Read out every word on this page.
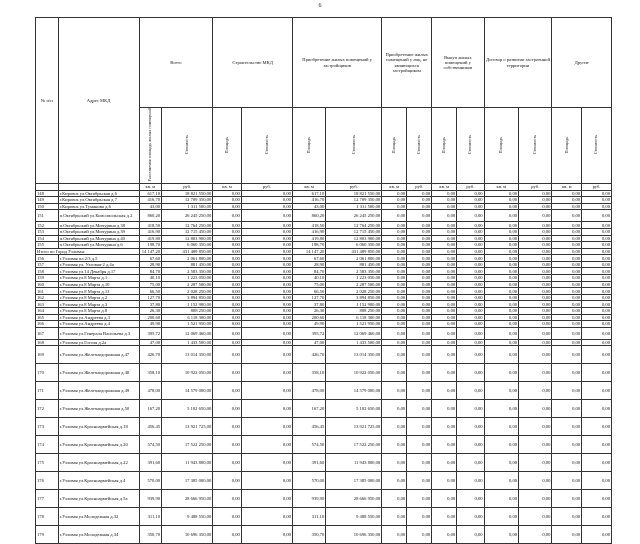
6
№ п/п	Адрес МКД	Всего		Строительство МКД		Приобретение жилых помещений у застройщиков		Приобретение жилых помещений у лиц, не являющихся застройщиком		Выкуп жилых помещений у собственников		Договор о развитии застроенной территории		Другие	
		Расселяемая площадь жилых помещений	Стоимость	Площадь	Стоимость	Площадь	Стоимость	Площадь	Стоимость	Площадь	Стоимость	Площадь	Стоимость	Площадь	Стоимость
		кв. м	руб.	кв. м	руб.	кв. м	руб.	кв. м	руб.	кв. м	руб.	кв. м	руб.	кв. м	руб.
148	г.Кировск ул.Октябрьская д.6	617,10	18 821 550,00	0,00	0,00	617,10	18 821 550,00	0,00	0,00	0,00	0,00	0,00	0,00	0,00	0,00
149	г.Кировск ул.Октябрьская д.7	416,70	12 709 350,00	0,00	0,00	416,70	12 709 350,00	0,00	0,00	0,00	0,00	0,00	0,00	0,00	0,00
150	г.Кировск ул.Туманова д.6	43,00	1 311 500,00	0,00	0,00	43,00	1 311 500,00	0,00	0,00	0,00	0,00	0,00	0,00	0,00	0,00
151	п.Октябрьский ул.Комсомольская д.2	860,20	26 245 250,00	0,00	0,00	860,20	26 245 250,00	0,00	0,00	0,00	0,00	0,00	0,00	0,00	0,00
152	п.Октябрьский ул.Мичурина д.38	418,50	12 764 250,00	0,00	0,00	418,50	12 764 250,00	0,00	0,00	0,00	0,00	0,00	0,00	0,00	0,00
153	п.Октябрьский ул.Мичурина д.39	416,90	12 715 450,00	0,00	0,00	416,90	12 715 450,00	0,00	0,00	0,00	0,00	0,00	0,00	0,00	0,00
154	п.Октябрьский ул.Мичурина д.40	419,80	12 803 900,00	0,00	0,00	419,80	12 803 900,00	0,00	0,00	0,00	0,00	0,00	0,00	0,00	0,00
155	п.Октябрьский ул.Мичурина д.6	198,70	6 060 350,00	0,00	0,00	198,70	6 060 350,00	0,00	0,00	0,00	0,00	0,00	0,00	0,00	0,00
Итого по Город Узловая:		14 147,20	431 489 850,00	0,00	0,00	14 147,20	431 489 850,00	0,00	0,00	0,00	0,00	0,00	0,00	0,00	0,00
156	г.Узловая пл.2/3 д.5	67,60	2 061 800,00	0,00	0,00	67,60	2 061 800,00	0,00	0,00	0,00	0,00	0,00	0,00	0,00	0,00
157	г.Узловая ул. Узловая-2 д.4а	28,90	881 450,00	0,00	0,00	28,90	881 450,00	0,00	0,00	0,00	0,00	0,00	0,00	0,00	0,00
158	г.Узловая ул.14 Декабря д.17	84,70	2 583 350,00	0,00	0,00	84,70	2 583 350,00	0,00	0,00	0,00	0,00	0,00	0,00	0,00	0,00
159	г.Узловая ул.8 Марта д.1	40,10	1 223 050,00	0,00	0,00	40,10	1 223 050,00	0,00	0,00	0,00	0,00	0,00	0,00	0,00	0,00
160	г.Узловая ул.8 Марта д.10	75,00	2 287 500,00	0,00	0,00	75,00	2 287 500,00	0,00	0,00	0,00	0,00	0,00	0,00	0,00	0,00
161	г.Узловая ул.8 Марта д.13	66,50	2 028 250,00	0,00	0,00	66,50	2 028 250,00	0,00	0,00	0,00	0,00	0,00	0,00	0,00	0,00
162	г.Узловая ул.8 Марта д.2	127,70	3 894 850,00	0,00	0,00	127,70	3 894 850,00	0,00	0,00	0,00	0,00	0,00	0,00	0,00	0,00
163	г.Узловая ул.8 Марта д.3	37,80	1 152 900,00	0,00	0,00	37,80	1 152 900,00	0,00	0,00	0,00	0,00	0,00	0,00	0,00	0,00
164	г.Узловая ул.8 Марта д.8	26,30	808 250,00	0,00	0,00	26,30	808 250,00	0,00	0,00	0,00	0,00	0,00	0,00	0,00	0,00
165	г.Узловая ул.Андреева д.3	200,60	6 118 300,00	0,00	0,00	200,60	6 118 300,00	0,00	0,00	0,00	0,00	0,00	0,00	0,00	0,00
166	г.Узловая ул.Андреева д.4	49,90	1 521 950,00	0,00	0,00	49,90	1 521 950,00	0,00	0,00	0,00	0,00	0,00	0,00	0,00	0,00
167	г.Узловая ул.Генерала Васильева д.3	395,72	12 069 460,00	0,00	0,00	395,72	12 069 460,00	0,00	0,00	0,00	0,00	0,00	0,00	0,00	0,00
168	г.Узловая ул.Гоголя д.2а	47,00	1 433 500,00	0,00	0,00	47,00	1 433 500,00	0,00	0,00	0,00	0,00	0,00	0,00	0,00	0,00
169	г.Узловая ул.Железнодорожная д.47	426,70	13 014 350,00	0,00	0,00	426,70	13 014 350,00	0,00	0,00	0,00	0,00	0,00	0,00	0,00	0,00
170	г.Узловая ул.Железнодорожная д.48	358,10	10 922 050,00	0,00	0,00	358,10	10 922 050,00	0,00	0,00	0,00	0,00	0,00	0,00	0,00	0,00
171	г.Узловая ул.Железнодорожная д.49	478,00	14 579 000,00	0,00	0,00	478,00	14 579 000,00	0,00	0,00	0,00	0,00	0,00	0,00	0,00	0,00
172	г.Узловая ул.Железнодорожная д.50	167,20	5 102 650,00	0,00	0,00	167,20	5 102 650,00	0,00	0,00	0,00	0,00	0,00	0,00	0,00	0,00
173	г.Узловая ул.Красноармейская д.18	456,45	13 921 725,00	0,00	0,00	456,45	13 921 725,00	0,00	0,00	0,00	0,00	0,00	0,00	0,00	0,00
174	г.Узловая ул.Красноармейская д.20	574,50	17 522 250,00	0,00	0,00	574,50	17 522 250,00	0,00	0,00	0,00	0,00	0,00	0,00	0,00	0,00
175	г.Узловая ул.Красноармейская д.22	391,60	11 943 800,00	0,00	0,00	391,60	11 943 800,00	0,00	0,00	0,00	0,00	0,00	0,00	0,00	0,00
176	г.Узловая ул.Красноармейская д.4	570,00	17 385 000,00	0,00	0,00	570,00	17 385 000,00	0,00	0,00	0,00	0,00	0,00	0,00	0,00	0,00
177	г.Узловая ул.Красноармейская д.5а	939,90	28 666 950,00	0,00	0,00	939,90	28 666 950,00	0,00	0,00	0,00	0,00	0,00	0,00	0,00	0,00
178	г.Узловая ул.Молодежная д.32	311,10	9 488 550,00	0,00	0,00	311,10	9 488 550,00	0,00	0,00	0,00	0,00	0,00	0,00	0,00	0,00
179	г.Узловая ул.Молодежная д.34	350,70	10 696 350,00	0,00	0,00	350,70	10 696 350,00	0,00	0,00	0,00	0,00	0,00	0,00	0,00	0,00
